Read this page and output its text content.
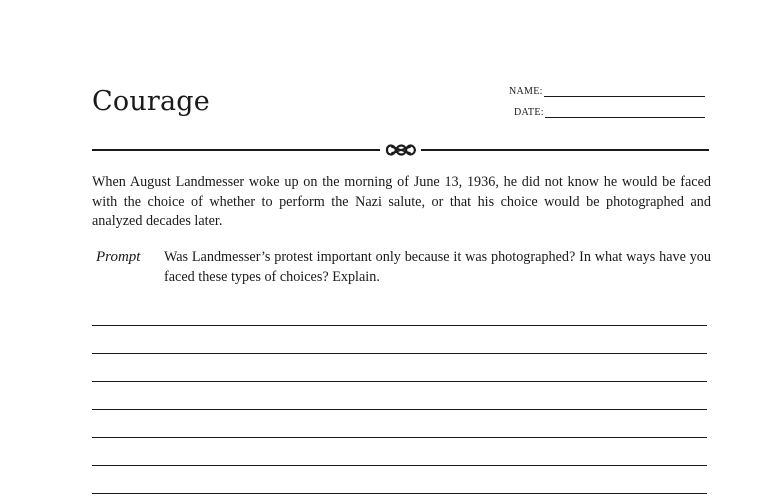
Courage	NAME:
DATE:

When August Landmesser woke up on the morning of June 13, 1936, he did not know he would be faced with the choice of whether to perform the Nazi salute, or that his choice would be photographed and analyzed decades later.

Prompt Was Landmesser’s protest important only because it was photographed? In what ways have you faced these types of choices? Explain.
